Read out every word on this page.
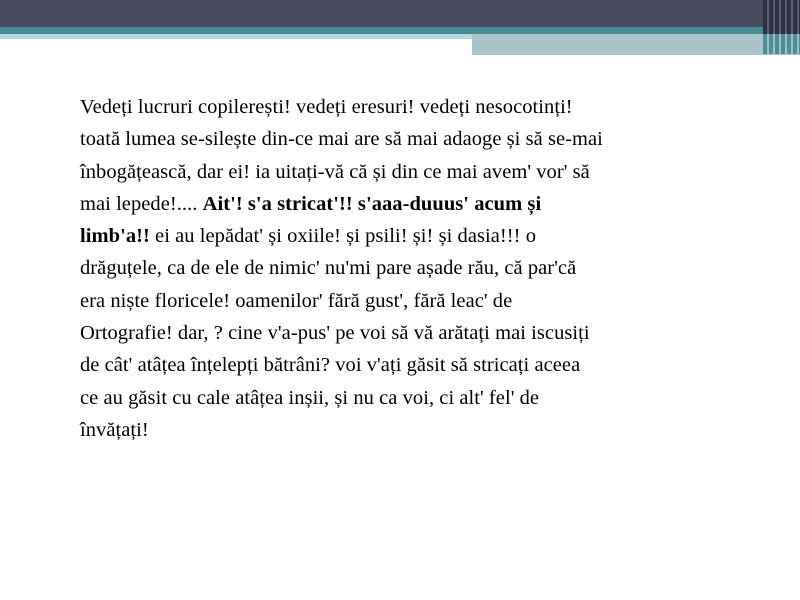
Vedeți lucruri copilerești! vedeți eresuri! vedeți nesocotinți!
toată lumea se-silește din-ce mai are să mai adaoge și să se-mai
înbogățească, dar ei! ia uitați-vă că și din ce mai avem' vor' să
mai lepede!.... Ait'! s'a stricat'!! s'aaa-duuus' acum și
limb'a!! ei au lepădat' și oxiile! și psili! și! și dasia!!! o
drăguțele, ca de ele de nimic' nu'mi pare așade rău, că par'că
era niște floricele! oamenilor' fără gust', fără leac' de
Ortografie! dar, ? cine v'a-pus' pe voi să vă arătați mai iscusiți
de cât' atâțea înțelepți bătrâni? voi v'ați găsit să stricați aceea
ce au găsit cu cale atâțea inșii, și nu ca voi, ci alt' fel' de
învățați!
